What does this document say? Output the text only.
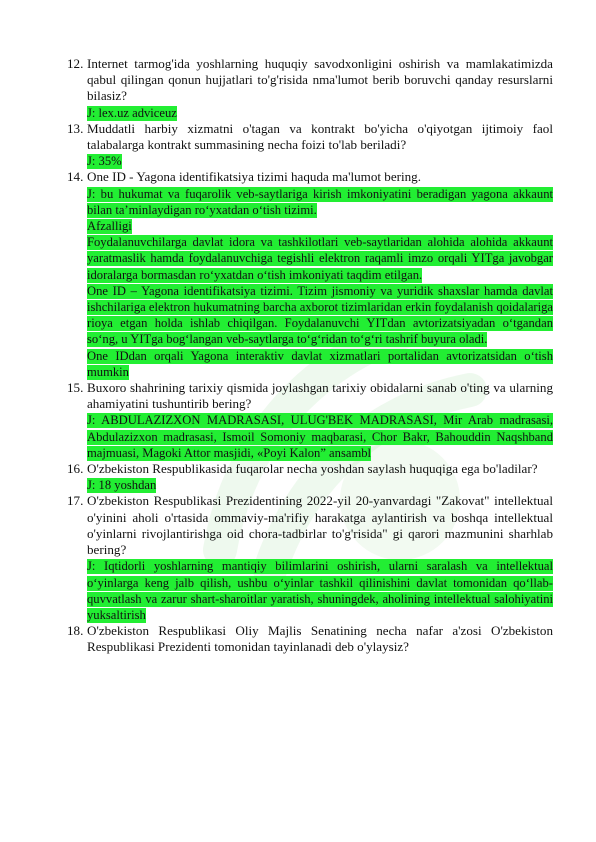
12. Internet tarmog'ida yoshlarning huquqiy savodxonligini oshirish va mamlakatimizda qabul qilingan qonun hujjatlari to'g'risida nma'lumot berib boruvchi qanday resurslarni bilasiz?

J: lex.uz adviceuz

13. Muddatli harbiy xizmatni o'tagan va kontrakt bo'yicha o'qiyotgan ijtimoiy faol talabalarga kontrakt summasining necha foizi to'lab beriladi?

J: 35%

14. One ID - Yagona identifikatsiya tizimi haquda ma'lumot bering.

J: bu hukumat va fuqarolik veb-saytlariga kirish imkoniyatini beradigan yagona akkaunt bilan ta’minlaydigan ro‘yxatdan o‘tish tizimi.

Afzalligi

Foydalanuvchilarga davlat idora va tashkilotlari veb-saytlaridan alohida alohida akkaunt yaratmaslik hamda foydalanuvchiga tegishli elektron raqamli imzo orqali YITga javobgar idoralarga bormasdan ro‘yxatdan o‘tish imkoniyati taqdim etilgan.

One ID – Yagona identifikatsiya tizimi. Tizim jismoniy va yuridik shaxslar hamda davlat ishchilariga elektron hukumatning barcha axborot tizimlaridan erkin foydalanish qoidalariga rioya etgan holda ishlab chiqilgan. Foydalanuvchi YITdan avtorizatsiyadan o‘tgandan so‘ng, u YITga bog‘langan veb-saytlarga to‘g‘ridan to‘g‘ri tashrif buyura oladi.

One IDdan orqali Yagona interaktiv davlat xizmatlari portalidan avtorizatsidan o‘tish mumkin

15. Buxoro shahrining tarixiy qismida joylashgan tarixiy obidalarni sanab o'ting va ularning ahamiyatini tushuntirib bering?

J: ABDULAZIZXON MADRASASI, ULUG'BEK MADRASASI, Mir Arab madrasasi, Abdulazizxon madrasasi, Ismoil Somoniy maqbarasi, Chor Bakr, Bahouddin Naqshband majmuasi, Magoki Attor masjidi, «Poyi Kalon” ansambl

16. O'zbekiston Respublikasida fuqarolar necha yoshdan saylash huquqiga ega bo'ladilar?

J: 18 yoshdan

17. O'zbekiston Respublikasi Prezidentining 2022-yil 20-yanvardagi "Zakovat" intellektual o'yinini aholi o'rtasida ommaviy-ma'rifiy harakatga aylantirish va boshqa intellektual o'yinlarni rivojlantirishga oid chora-tadbirlar to'g'risida" gi qarori mazmunini sharhlab bering?

J: Iqtidorli yoshlarning mantiqiy bilimlarini oshirish, ularni saralash va intellektual o‘yinlarga keng jalb qilish, ushbu o‘yinlar tashkil qilinishini davlat tomonidan qo‘llab-quvvatlash va zarur shart-sharoitlar yaratish, shuningdek, aholining intellektual salohiyatini yuksaltirish

18. O'zbekiston Respublikasi Oliy Majlis Senatining necha nafar a'zosi O'zbekiston Respublikasi Prezidenti tomonidan tayinlanadi deb o'ylaysiz?
